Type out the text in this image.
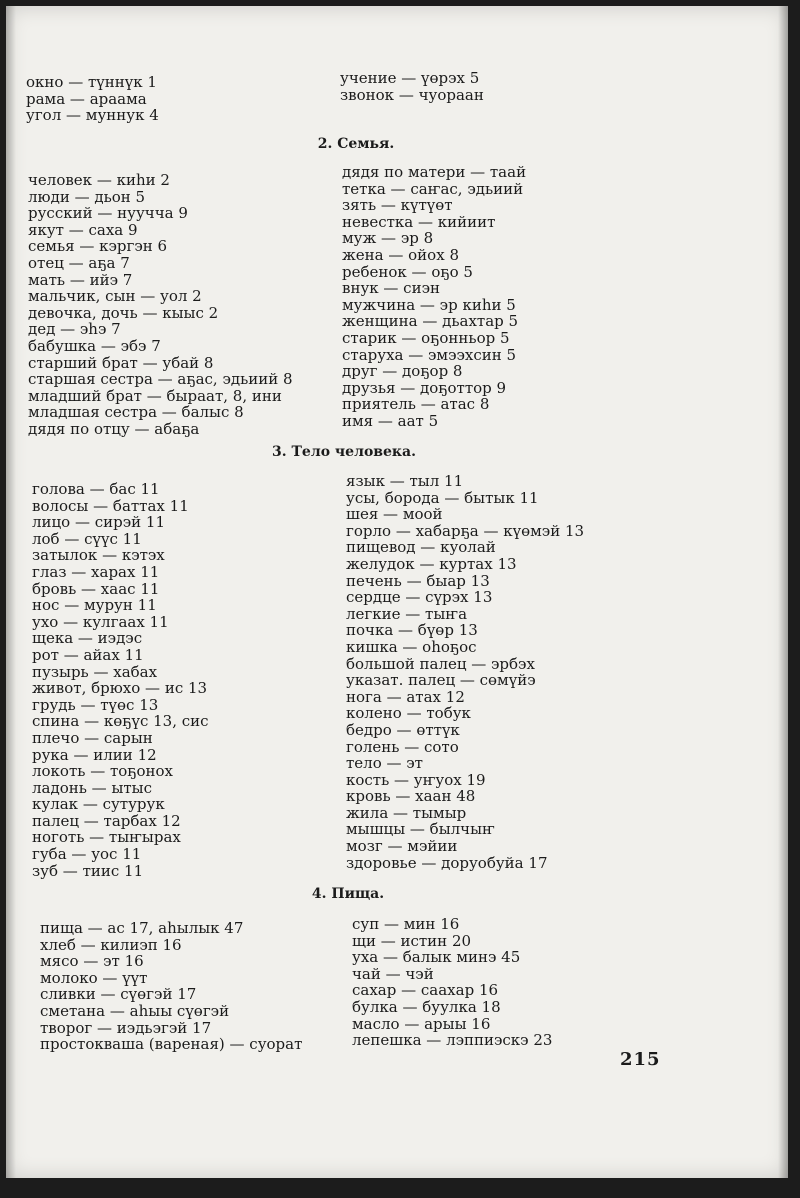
окно — түннүк 1
рама — араама
угол — муннук 4
учение — үөрэх 5
звонок — чуораан
2. Семья.
человек — киһи 2
люди — дьон 5
русский — нууччa 9
якут — саха 9
семья — кэргэн 6
отец — аҕа 7
мать — ийэ 7
мальчик, сын — уол 2
девочка, дочь — кыыс 2
дед — эһэ 7
бабушка — эбэ 7
старший брат — убай 8
старшая сестра — аҕас, эдьиий 8
младший брат — бырaат, 8, ини
младшая сестра — балыс 8
дядя по отцу — абаҕа
дядя по матери — таай
тетка — саҥас, эдьиий
зять — күтүөт
невестка — кийиит
муж — эр 8
жена — ойох 8
ребенок — оҕо 5
внук — сиэн
мужчина — эр киһи 5
женщина — дьахтар 5
старик — оҕонньор 5
старуха — эмээхсин 5
друг — доҕор 8
друзья — доҕоттор 9
приятель — атас 8
имя — аат 5
3. Тело человека.
голова — бас 11
волосы — баттах 11
лицо — сирэй 11
лоб — сүүс 11
затылок — кэтэх
глаз — харах 11
бровь — хаас 11
нос — мурун 11
ухо — кулгаах 11
щека — иэдэс
рот — айах 11
пузырь — хабах
живот, брюхо — ис 13
грудь — түөс 13
спина — көҕүс 13, сис
плечо — сарын
рука — илии 12
локоть — тоҕонох
ладонь — ытыс
кулак — сутурук
палец — тарбах 12
ноготь — тыҥырах
губа — уос 11
зуб — тиис 11
язык — тыл 11
усы, борода — бытык 11
шея — моой
горло — хабарҕа — күөмэй 13
пищевод — куолай
желудок — куртах 13
печень — быар 13
сердце — сүрэх 13
легкие — тыҥа
почка — бүөр 13
кишка — оһоҕос
большой палец — эрбэх
указат. палец — сөмүйэ
нога — атах 12
колено — тобук
бедро — өттүк
голень — сото
тело — эт
кость — уҥуох 19
кровь — хаан 48
жила — тымыр
мышцы — былчыҥ
мозг — мэйии
здоровье — доруобуйа 17
4. Пища.
пища — ас 17, аһылык 47
хлеб — килиэп 16
мясо — эт 16
молоко — үүт
сливки — сүөгэй 17
сметана — аһыы сүөгэй
творог — иэдьэгэй 17
простокваша (вареная) — суорат
суп — мин 16
щи — истин 20
уха — балык минэ 45
чай — чэй
сахар — саахар 16
булка — буулка 18
масло — арыы 16
лепешка — лэппиэскэ 23
215
